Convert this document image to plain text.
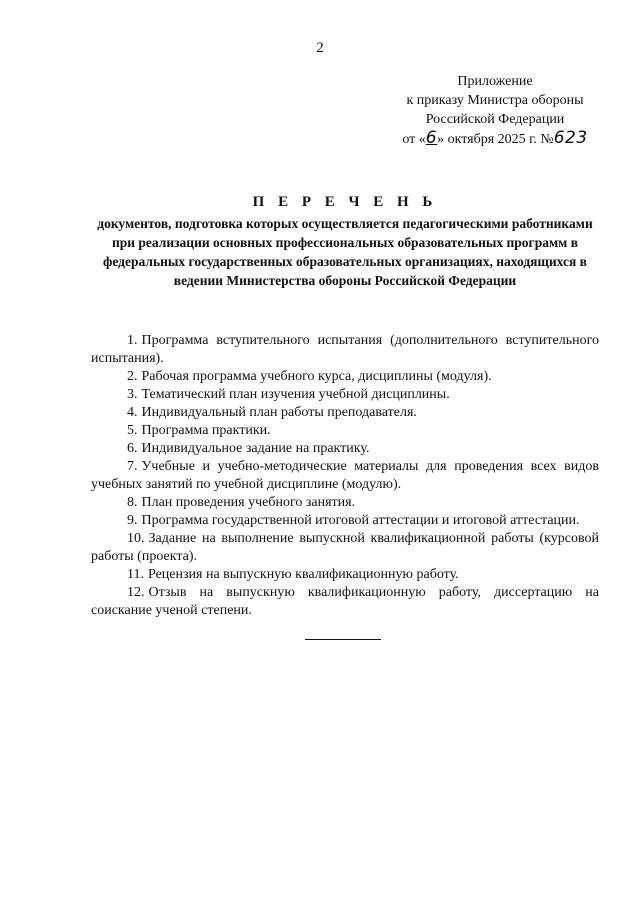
2
Приложение
к приказу Министра обороны
Российской Федерации
от «6» октября 2025 г. №623
П Е Р Е Ч Е Н Ь
документов, подготовка которых осуществляется педагогическими работниками при реализации основных профессиональных образовательных программ в федеральных государственных образовательных организациях, находящихся в ведении Министерства обороны Российской Федерации

1. Программа вступительного испытания (дополнительного вступительного испытания).

2. Рабочая программа учебного курса, дисциплины (модуля).

3. Тематический план изучения учебной дисциплины.

4. Индивидуальный план работы преподавателя.

5. Программа практики.

6. Индивидуальное задание на практику.

7. Учебные и учебно-методические материалы для проведения всех видов учебных занятий по учебной дисциплине (модулю).

8. План проведения учебного занятия.

9. Программа государственной итоговой аттестации и итоговой аттестации.

10. Задание на выполнение выпускной квалификационной работы (курсовой работы (проекта).

11. Рецензия на выпускную квалификационную работу.

12. Отзыв на выпускную квалификационную работу, диссертацию на соискание ученой степени.
